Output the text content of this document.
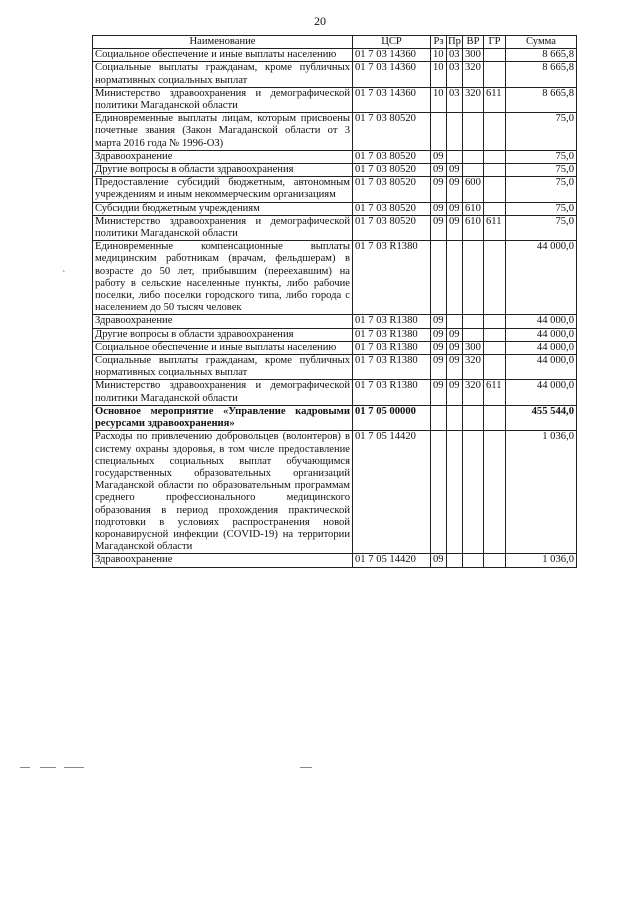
20
ˋ
Наименование	ЦСР	Рз	Пр	ВР	ГР	Сумма
Социальное обеспечение и иные выплаты населению	01 7 03 14360	10	03	300		8 665,8
Социальные выплаты гражданам, кроме публичных нормативных социальных выплат	01 7 03 14360	10	03	320		8 665,8
Министерство здравоохранения и демографической политики Магаданской области	01 7 03 14360	10	03	320	611	8 665,8
Единовременные выплаты лицам, которым присвоены почетные звания (Закон Магаданской области от 3 марта 2016 года № 1996-ОЗ)	01 7 03 80520					75,0
Здравоохранение	01 7 03 80520	09				75,0
Другие вопросы в области здравоохранения	01 7 03 80520	09	09			75,0
Предоставление субсидий бюджетным, автономным учреждениям и иным некоммерческим организациям	01 7 03 80520	09	09	600		75,0
Субсидии бюджетным учреждениям	01 7 03 80520	09	09	610		75,0
Министерство здравоохранения и демографической политики Магаданской области	01 7 03 80520	09	09	610	611	75,0
Единовременные компенсационные выплаты медицинским работникам (врачам, фельдшерам) в возрасте до 50 лет, прибывшим (переехавшим) на работу в сельские населенные пункты, либо рабочие поселки, либо поселки городского типа, либо города с населением до 50 тысяч человек	01 7 03 R1380					44 000,0
Здравоохранение	01 7 03 R1380	09				44 000,0
Другие вопросы в области здравоохранения	01 7 03 R1380	09	09			44 000,0
Социальное обеспечение и иные выплаты населению	01 7 03 R1380	09	09	300		44 000,0
Социальные выплаты гражданам, кроме публичных нормативных социальных выплат	01 7 03 R1380	09	09	320		44 000,0
Министерство здравоохранения и демографической политики Магаданской области	01 7 03 R1380	09	09	320	611	44 000,0
Основное мероприятие «Управление кадровыми ресурсами здравоохранения»	01 7 05 00000					455 544,0
Расходы по привлечению добровольцев (волонтеров) в систему охраны здоровья, в том числе предоставление специальных социальных выплат обучающимся государственных образовательных организаций Магаданской области по образовательным программам среднего профессионального медицинского образования в период прохождения практической подготовки в условиях распространения новой коронавирусной инфекции (COVID-19) на территории Магаданской области	01 7 05 14420					1 036,0
Здравоохранение	01 7 05 14420	09				1 036,0
